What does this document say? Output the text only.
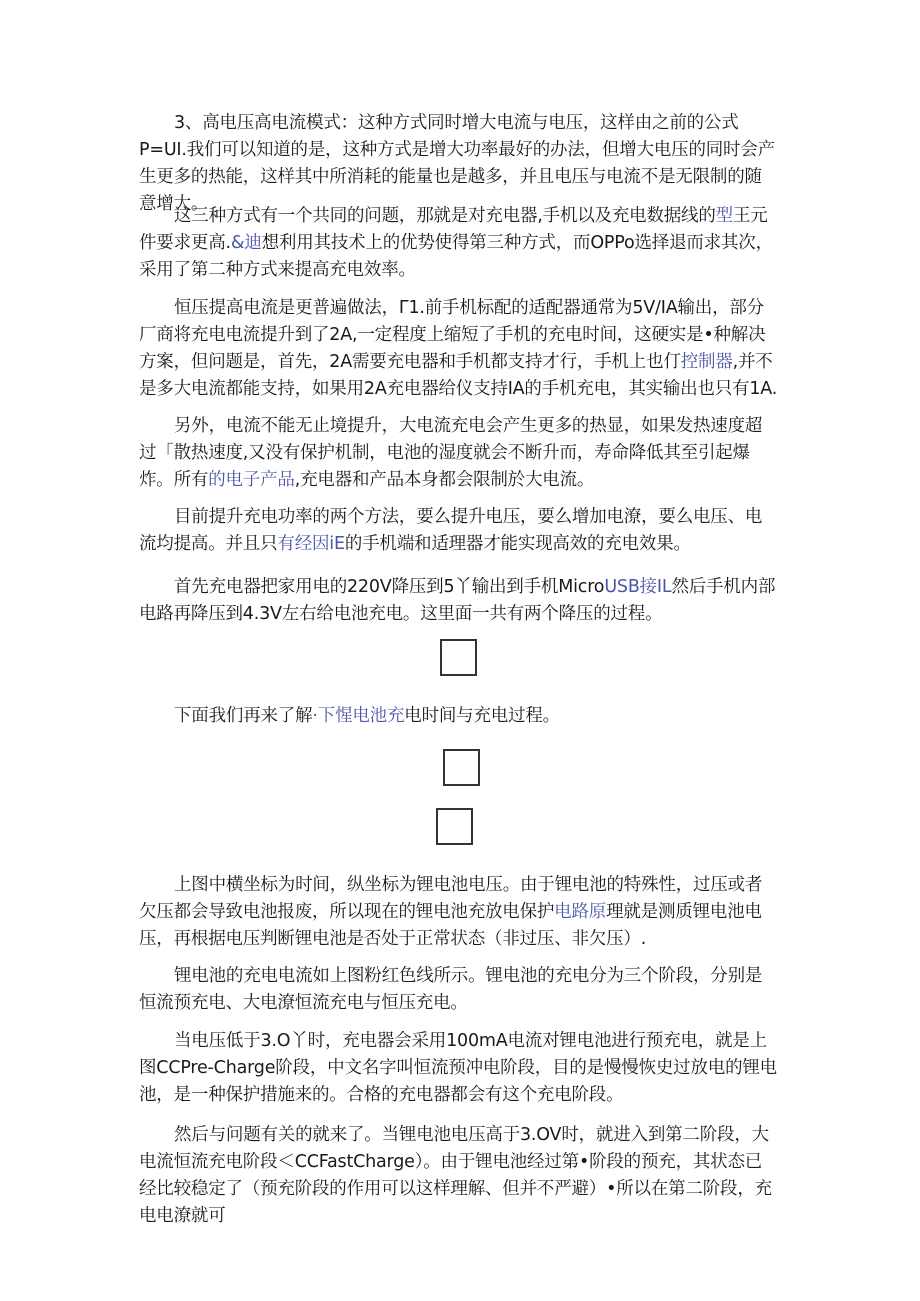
3、高电压高电流模式：这种方式同时增大电流与电压，这样由之前的公式P=UI.我们可以知道的是，这种方式是增大功率最好的办法，但增大电压的同时会产生更多的热能，这样其中所消耗的能量也是越多，并且电压与电流不是无限制的随意增大。

这三种方式有一个共同的问题，那就是对充电器,手机以及充电数据线的型王元件要求更高.&迪想利用其技术上的优势使得第三种方式，而OPPo选择退而求其次，采用了第二种方式来提高充电效率。

恒压提高电流是更普遍做法，Γ1.前手机标配的适配器通常为5V∕IA输出，部分厂商将充电电流提升到了2A,一定程度上缩短了手机的充电时间，这硬实是•种解决方案，但问题是，首先，2A需要充电器和手机都支持才行，手机上也仃控制器,并不是多大电流都能支持，如果用2A充电器给仪支持IA的手机充电，其实输出也只有1A.

另外，电流不能无止境提升，大电流充电会产生更多的热显，如果发热速度超过「散热速度,又没有保护机制，电池的湿度就会不断升而，寿命降低其至引起爆炸。所有的电子产品,充电器和产品本身都会限制於大电流。

目前提升充电功率的两个方法，要么提升电压，要么增加电潦，要么电压、电流均提高。并且只有经因iE的手机端和适理器才能实现高效的充电效果。

首先充电器把家用电的220V降压到5丫输出到手机MicroUSB接IL然后手机内部电路再降压到4.3V左右给电池充电。这里面一共有两个降压的过程。

下面我们再来了解·下惺电池充电时间与充电过程。

上图中横坐标为时间，纵坐标为锂电池电压。由于锂电池的特殊性，过压或者欠压都会导致电池报废，所以现在的锂电池充放电保护电路原理就是测质锂电池电压，再根据电压判断锂电池是否处于正常状态（非过压、非欠压）.

锂电池的充电电流如上图粉红色线所示。锂电池的充电分为三个阶段，分别是恒流预充电、大电潦恒流充电与恒压充电。

当电压低于3.O丫时，充电器会采用100mA电流对锂电池进行预充电，就是上图CCPre-Charge阶段，中文名字叫恒流预冲电阶段，目的是慢慢恢史过放电的锂电池，是一种保护措施来的。合格的充电器都会有这个充电阶段。

然后与问题有关的就来了。当锂电池电压高于3.OV时，就进入到第二阶段，大电流恒流充电阶段＜CCFastCharge）。由于锂电池经过第•阶段的预充，其状态已经比较稳定了（预充阶段的作用可以这样理解、但并不严避）•所以在第二阶段，充电电潦就可
